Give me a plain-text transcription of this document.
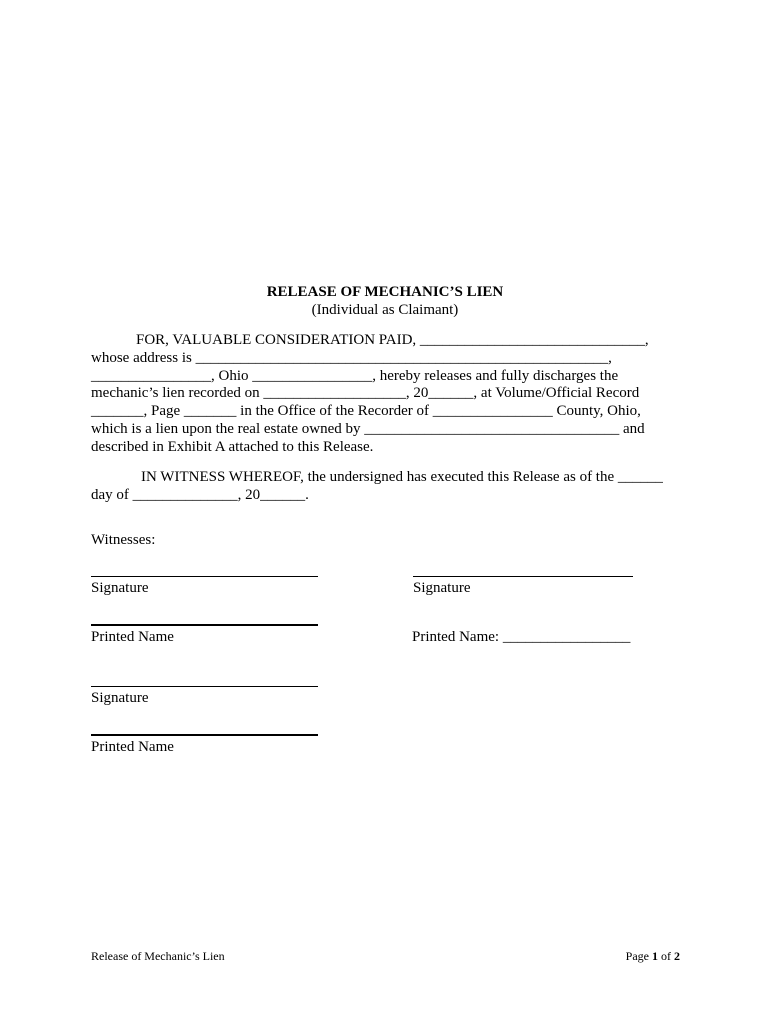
RELEASE OF MECHANIC’S LIEN
(Individual as Claimant)
FOR, VALUABLE CONSIDERATION PAID, ______________________________,
whose address is _______________________________________________________,
________________, Ohio ________________, hereby releases and fully discharges the
mechanic’s lien recorded on ___________________, 20______, at Volume/Official Record
_______, Page _______ in the Office of the Recorder of ________________ County, Ohio,
which is a lien upon the real estate owned by __________________________________ and
described in Exhibit A attached to this Release.
IN WITNESS WHEREOF, the undersigned has executed this Release as of the ______
day of ______________, 20______.
Witnesses:
Signature
Printed Name
Signature
Printed Name: _________________
Signature
Printed Name
Release of Mechanic’s Lien	Page 1 of 2
